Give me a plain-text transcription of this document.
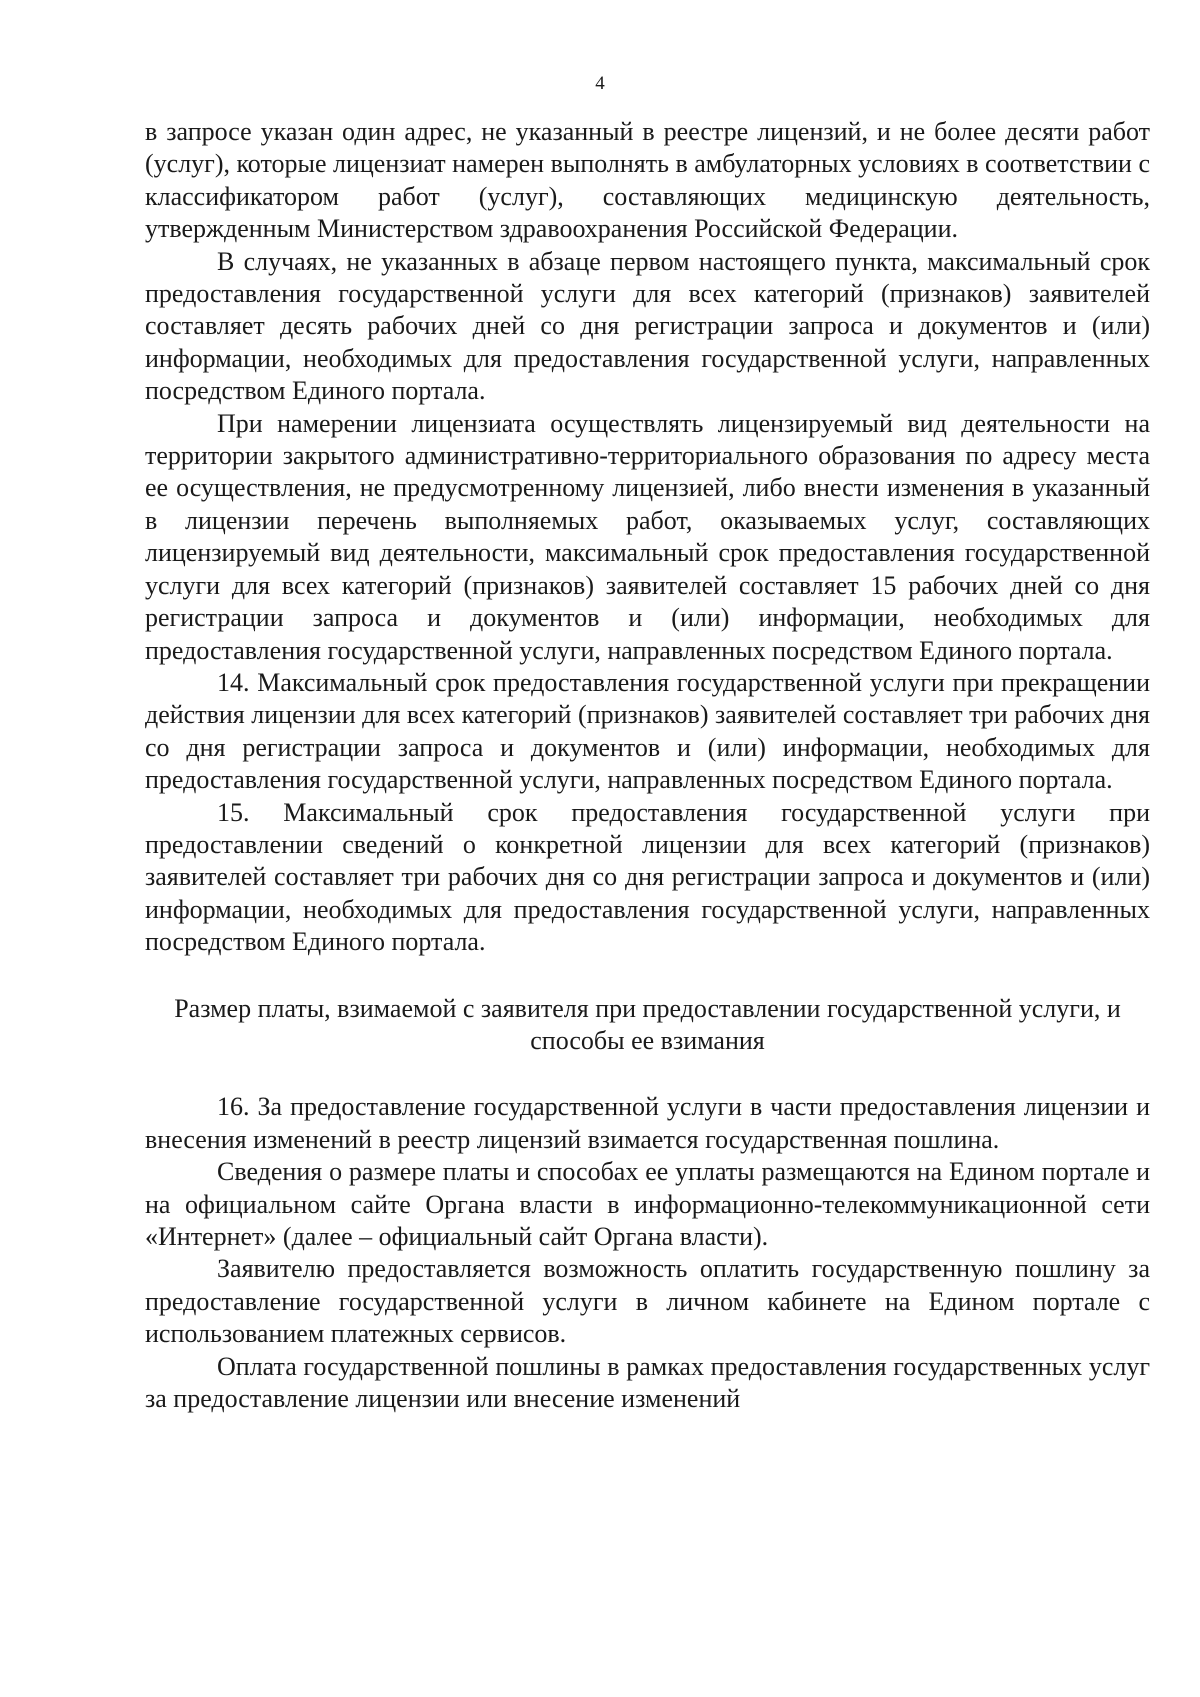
4

в запросе указан один адрес, не указанный в реестре лицензий, и не более десяти работ (услуг), которые лицензиат намерен выполнять в амбулаторных условиях в соответствии с классификатором работ (услуг), составляющих медицинскую деятельность, утвержденным Министерством здравоохранения Российской Федерации.

В случаях, не указанных в абзаце первом настоящего пункта, максимальный срок предоставления государственной услуги для всех категорий (признаков) заявителей составляет десять рабочих дней со дня регистрации запроса и документов и (или) информации, необходимых для предоставления государственной услуги, направленных посредством Единого портала.

При намерении лицензиата осуществлять лицензируемый вид деятельности на территории закрытого административно-территориального образования по адресу места ее осуществления, не предусмотренному лицензией, либо внести изменения в указанный в лицензии перечень выполняемых работ, оказываемых услуг, составляющих лицензируемый вид деятельности, максимальный срок предоставления государственной услуги для всех категорий (признаков) заявителей составляет 15 рабочих дней со дня регистрации запроса и документов и (или) информации, необходимых для предоставления государственной услуги, направленных посредством Единого портала.

14. Максимальный срок предоставления государственной услуги при прекращении действия лицензии для всех категорий (признаков) заявителей составляет три рабочих дня со дня регистрации запроса и документов и (или) информации, необходимых для предоставления государственной услуги, направленных посредством Единого портала.

15. Максимальный срок предоставления государственной услуги при предоставлении сведений о конкретной лицензии для всех категорий (признаков) заявителей составляет три рабочих дня со дня регистрации запроса и документов и (или) информации, необходимых для предоставления государственной услуги, направленных посредством Единого портала.

Размер платы, взимаемой с заявителя при предоставлении государственной услуги, и способы ее взимания

16. За предоставление государственной услуги в части предоставления лицензии и внесения изменений в реестр лицензий взимается государственная пошлина.

Сведения о размере платы и способах ее уплаты размещаются на Едином портале и на официальном сайте Органа власти в информационно-телекоммуникационной сети «Интернет» (далее – официальный сайт Органа власти).

Заявителю предоставляется возможность оплатить государственную пошлину за предоставление государственной услуги в личном кабинете на Едином портале с использованием платежных сервисов.

Оплата государственной пошлины в рамках предоставления государственных услуг за предоставление лицензии или внесение изменений
